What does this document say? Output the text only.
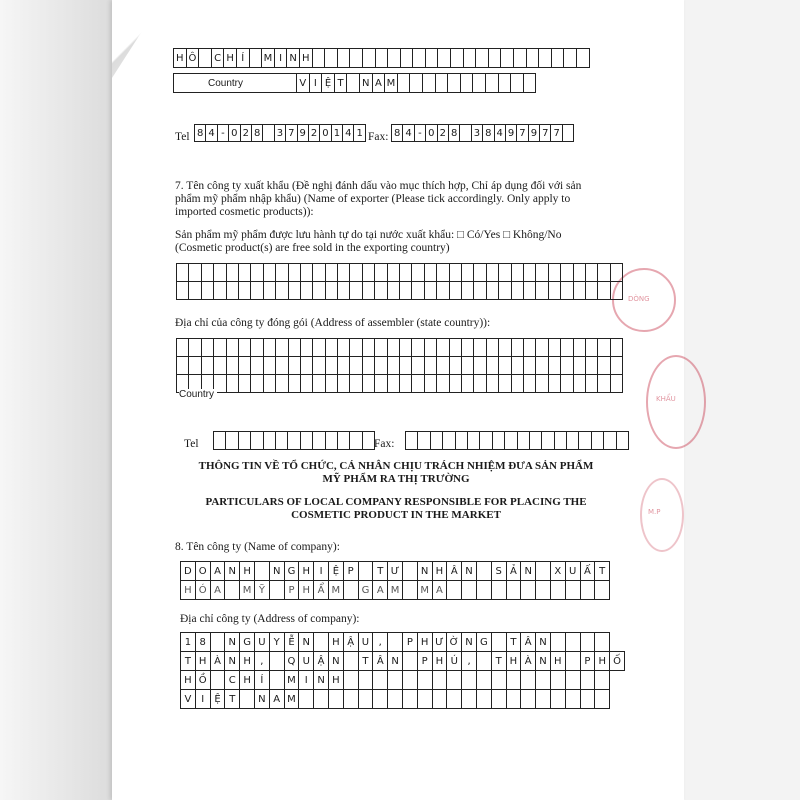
DÒNG
KHẨU
M.P
H	Ô		C	H	Í		M	I	N	H																						
V	I	Ệ	T		N	A	M											
Country
Tel 8	4	-	0	2	8		3	7	9	2	0	1	4	1 Fax: 8	4	-	0	2	8		3	8	4	9	7	9	7	7	
7. Tên công ty xuất khẩu (Đề nghị đánh dấu vào mục thích hợp, Chỉ áp dụng đối với sản
phẩm mỹ phẩm nhập khẩu) (Name of exporter (Please tick accordingly. Only apply to
imported cosmetic products)):
Sản phẩm mỹ phẩm được lưu hành tự do tại nước xuất khẩu: □ Có/Yes □ Không/No
(Cosmetic product(s) are free sold in the exporting country)

Địa chỉ của công ty đóng gói (Address of assembler (state country)):

Country
Tel
													Fax:

THÔNG TIN VỀ TỔ CHỨC, CÁ NHÂN CHỊU TRÁCH NHIỆM ĐƯA SẢN PHẨM
MỸ PHẨM RA THỊ TRƯỜNG
PARTICULARS OF LOCAL COMPANY RESPONSIBLE FOR PLACING THE
COSMETIC PRODUCT IN THE MARKET
8. Tên công ty (Name of company):
D	O	A	N	H		N	G	H	I	Ệ	P		T	Ư		N	H	Â	N		S	Ả	N		X	U	Ấ	T
H	Ó	A		M	Ỹ		P	H	Ẩ	M		G	A	M		M	A											
Địa chỉ công ty (Address of company):
1	8		N	G	U	Y	Ễ	N		H	Ậ	U	,		P	H	Ư	Ờ	N	G		T	Â	N					
T	H	À	N	H	,		Q	U	Ậ	N		T	Â	N		P	H	Ú	,		T	H	À	N	H		P	H	Ố
H	Ồ		C	H	Í		M	I	N	H																			
V	I	Ệ	T		N	A	M																						
